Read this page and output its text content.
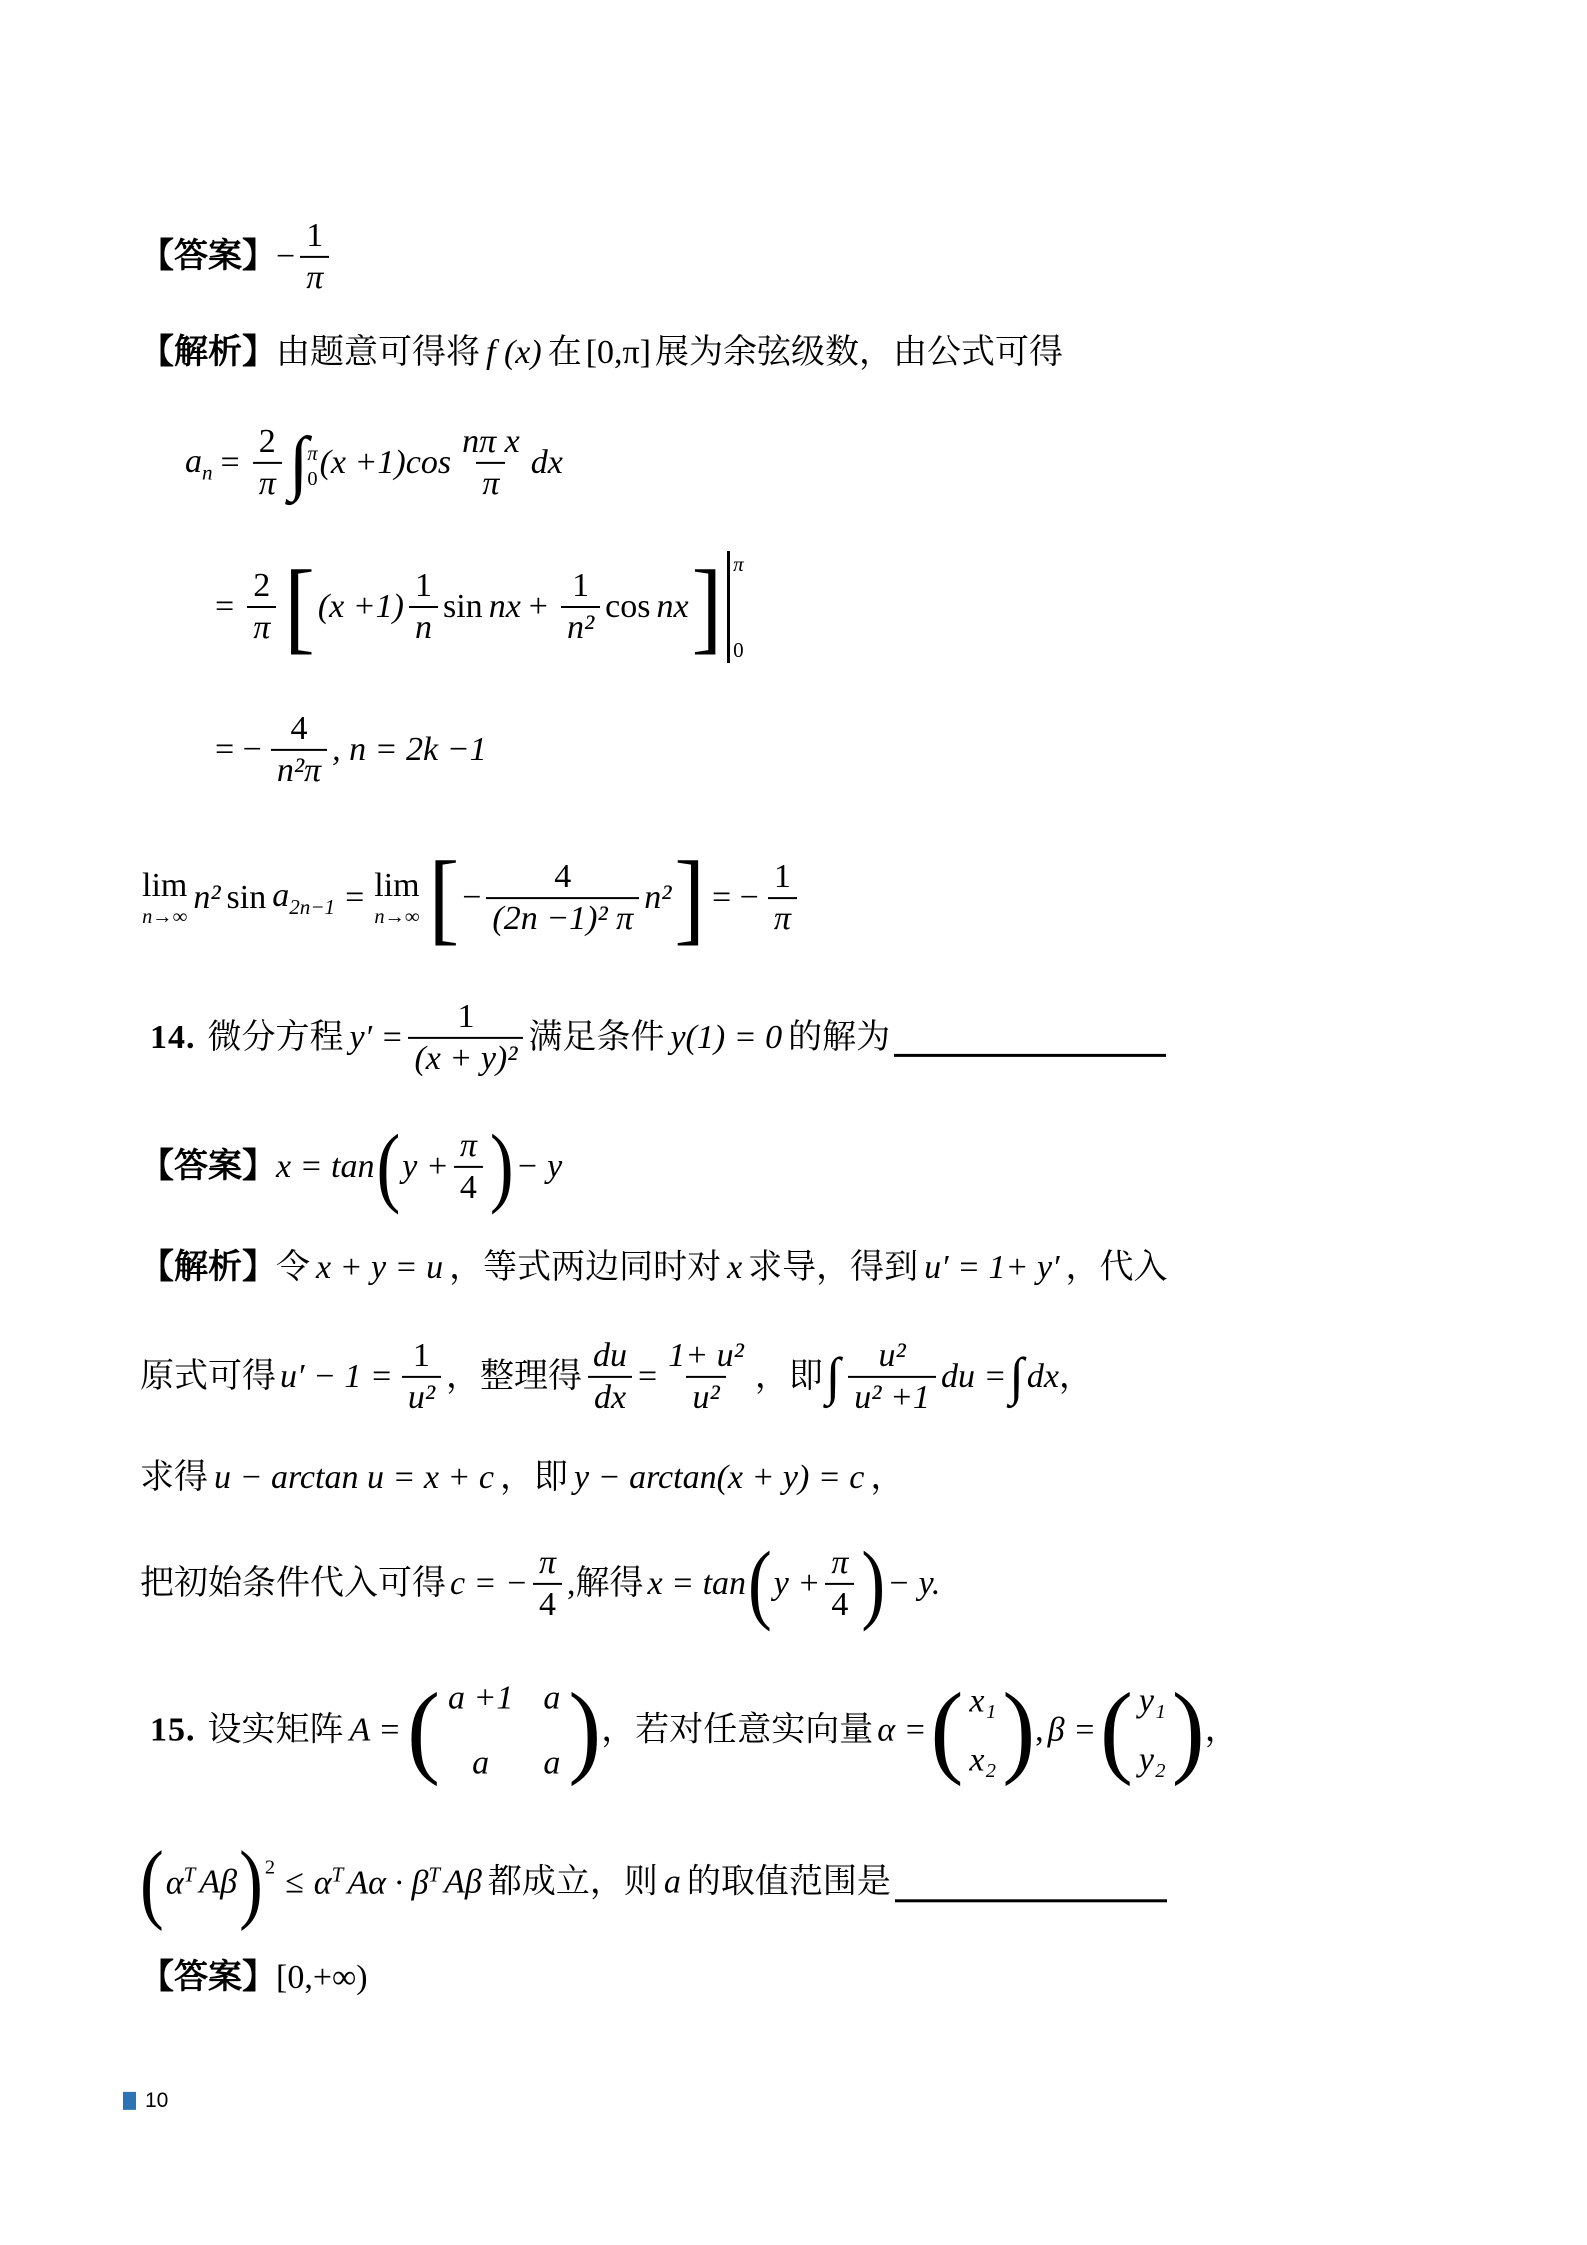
【答案】 − $\frac{1}{\pi}$
【解析】 由题意可得将 f (x) 在 [0,π] 展为余弦级数，由公式可得
$a_n = \frac{2}{\pi}$ ∫ π
0 $(x +1)\cos \frac{\text{nπ x}}{\pi}$ dx
= $\frac{2}{\pi}$ [ $(x +1) \frac{1}{n}$ sin nx + $\frac{1}{\text{n²}}$ cos nx ] π
0
= − $\frac{4}{\text{n²π}}$ , n = 2k −1
lim
n→∞
n² $\sin a_{2n-1} = \lim$
n→∞ [ − $\frac{4}{\text{(2n −1)² π}} n^2$ ] = − $\frac{1}{\pi}$
14. 微分方程 $y' = \frac{1}{\text{(x + y)²}}$ 满足条件 y(1) = 0 的解为
【答案】 x = tan ( $y + \frac{\pi}{4}$ ) − y
【解析】 令 x + y = u ，等式两边同时对 x 求导，得到 u′ = 1+ y′ ，代入
原式可得 $u' - 1 = \frac{1}{\text{u²}}$ ， 整理得 $\frac{du}{dx} = \frac{\text{1+ u²}}{\text{u²}}$ ， 即 ∫ $\frac{\text{u²}}{\text{u² +1}}$ du = ∫ dx ，
求得 u − arctan u = x + c ， 即 y − arctan(x + y) = c ，
把初始条件代入可得 c = − $\frac{\pi}{4}$ ,解得 x = tan ( $y + \frac{\pi}{4}$ ) − y.
15. 设实矩阵 A = ( a +1 a
a	a ) ， 若对任意实向量 α = ( x₁
x₂ ) , β = ( y₁
y₂ ) ，
( $\alpha^T$ Aβ ) $2 \le \alpha^T$ $A\alpha \cdot \beta^T$ Aβ 都成立，则 a 的取值范围是
【答案】 [0,+∞)
10
